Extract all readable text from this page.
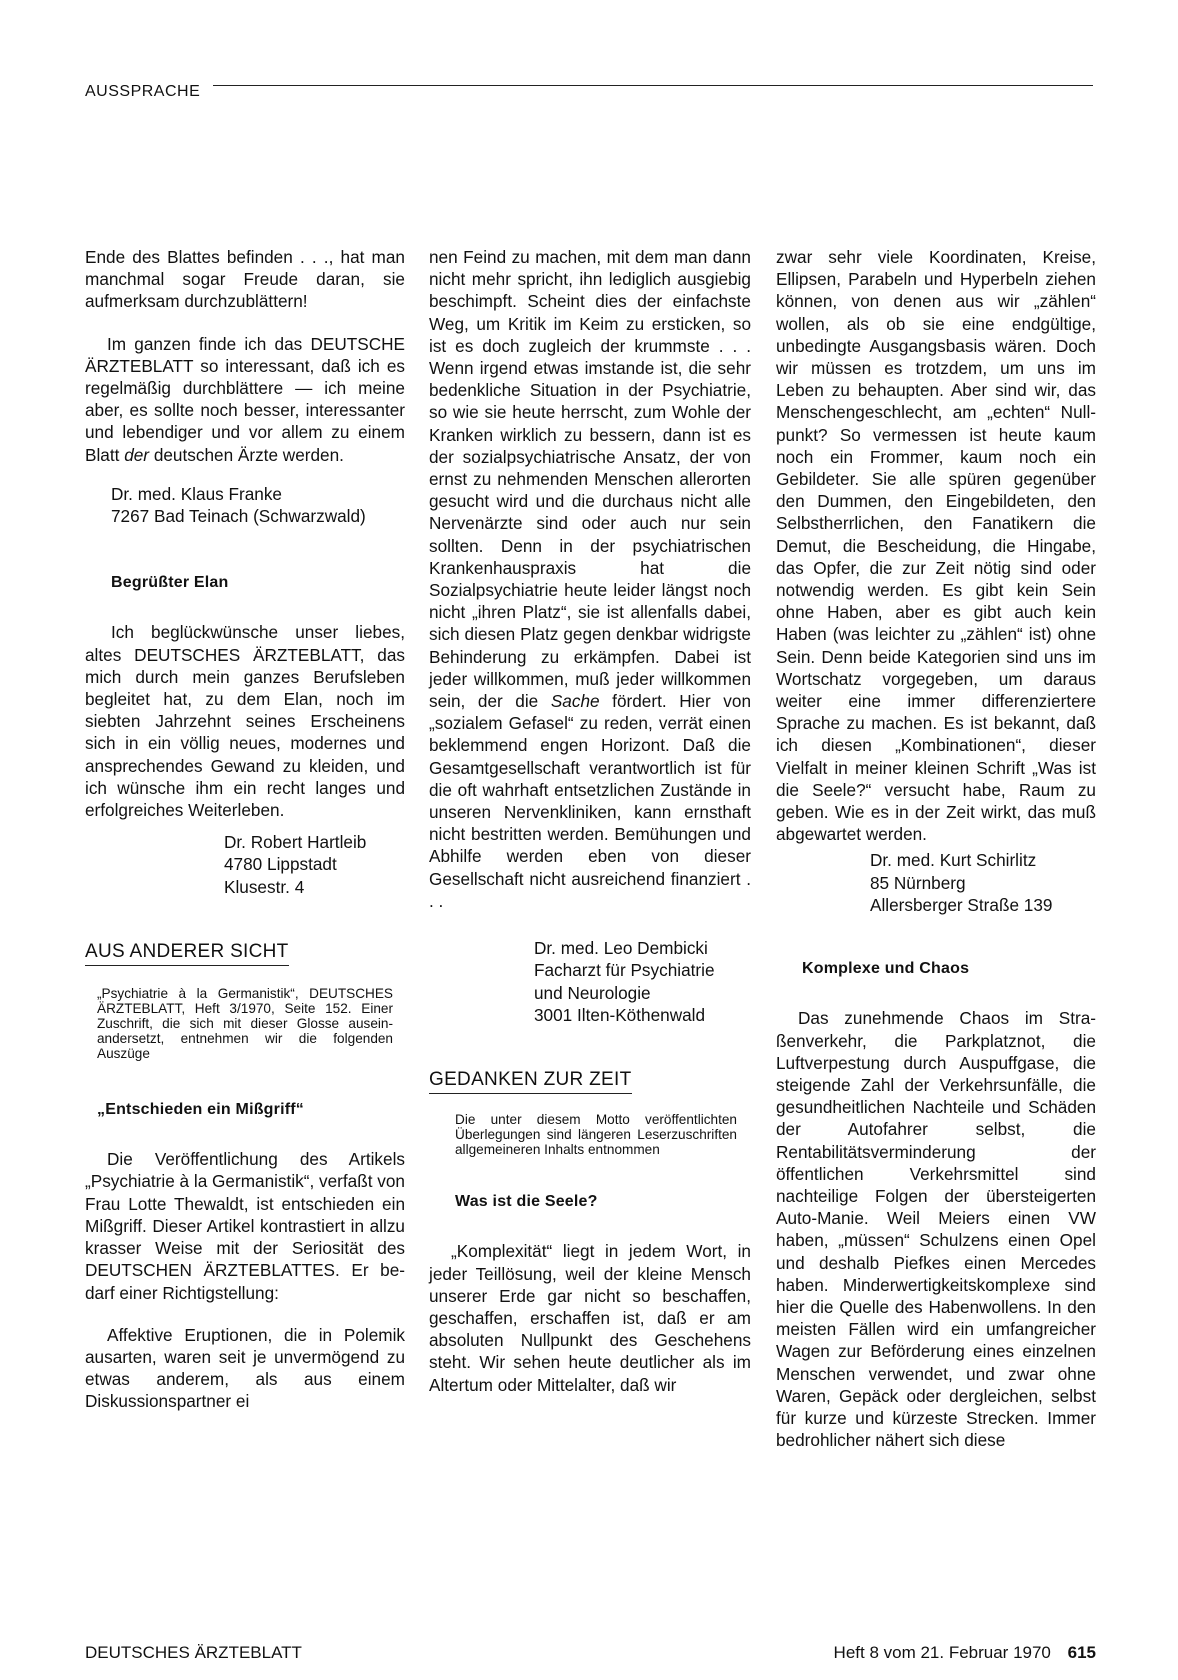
AUSSPRACHE

Ende des Blattes befinden . . ., hat man manchmal sogar Freude daran, sie aufmerksam durchzublättern!

Im ganzen finde ich das DEUTSCHE ÄRZTEBLATT so interessant, daß ich es regelmäßig durchblättere — ich meine aber, es sollte noch besser, interessanter und lebendiger und vor allem zu einem Blatt der deutschen Ärzte werden.

Dr. med. Klaus Franke
7267 Bad Teinach (Schwarzwald)
Begrüßter Elan

Ich beglückwünsche unser liebes, altes DEUTSCHES ÄRZTEBLATT, das mich durch mein ganzes Berufsleben begleitet hat, zu dem Elan, noch im siebten Jahrzehnt seines Erscheinens sich in ein völlig neues, modernes und ansprechendes Gewand zu kleiden, und ich wünsche ihm ein recht langes und erfolgreiches Weiterleben.

Dr. Robert Hartleib
4780 Lippstadt
Klusestr. 4
AUS ANDERER SICHT

„Psychiatrie à la Germanistik“, DEUTSCHES ÄRZTEBLATT, Heft 3/1970, Seite 152. Einer Zuschrift, die sich mit dieser Glosse auseinandersetzt, entnehmen wir die folgenden Auszüge

„Entschieden ein Mißgriff“

Die Veröffentlichung des Artikels „Psychiatrie à la Germanistik“, verfaßt von Frau Lotte Thewaldt, ist entschieden ein Mißgriff. Dieser Artikel kontrastiert in allzu krasser Weise mit der Seriosität des DEUTSCHEN ÄRZTEBLATTES. Er bedarf einer Richtigstellung:

Affektive Eruptionen, die in Polemik ausarten, waren seit je unvermögend zu etwas anderem, als aus einem Diskussionspartner ei

nen Feind zu machen, mit dem man dann nicht mehr spricht, ihn lediglich ausgiebig beschimpft. Scheint dies der einfachste Weg, um Kritik im Keim zu ersticken, so ist es doch zugleich der krummste . . . Wenn irgend etwas imstande ist, die sehr bedenkliche Situation in der Psychiatrie, so wie sie heute herrscht, zum Wohle der Kranken wirklich zu bessern, dann ist es der sozialpsychiatrische Ansatz, der von ernst zu nehmenden Menschen allerorten gesucht wird und die durchaus nicht alle Nervenärzte sind oder auch nur sein sollten. Denn in der psychiatrischen Krankenhauspraxis hat die Sozialpsychiatrie heute leider längst noch nicht „ihren Platz“, sie ist allenfalls dabei, sich diesen Platz gegen denkbar widrigste Behinderung zu erkämpfen. Dabei ist jeder willkommen, muß jeder willkommen sein, der die Sache fördert. Hier von „sozialem Gefasel“ zu reden, verrät einen beklemmend engen Horizont. Daß die Gesamtgesellschaft verantwortlich ist für die oft wahrhaft entsetzlichen Zustände in unseren Nervenkliniken, kann ernsthaft nicht bestritten werden. Bemühungen und Abhilfe werden eben von dieser Gesellschaft nicht ausreichend finanziert . . .

Dr. med. Leo Dembicki
Facharzt für Psychiatrie
und Neurologie
3001 Ilten-Köthenwald
GEDANKEN ZUR ZEIT

Die unter diesem Motto veröffentlichten Überlegungen sind längeren Leserzuschriften allgemeineren Inhalts entnommen

Was ist die Seele?

„Komplexität“ liegt in jedem Wort, in jeder Teillösung, weil der kleine Mensch unserer Erde gar nicht so beschaffen, geschaffen, erschaffen ist, daß er am absoluten Nullpunkt des Geschehens steht. Wir sehen heute deutlicher als im Altertum oder Mittelalter, daß wir

zwar sehr viele Koordinaten, Kreise, Ellipsen, Parabeln und Hyperbeln ziehen können, von denen aus wir „zählen“ wollen, als ob sie eine endgültige, unbedingte Ausgangsbasis wären. Doch wir müssen es trotzdem, um uns im Leben zu behaupten. Aber sind wir, das Menschengeschlecht, am „echten“ Nullpunkt? So vermessen ist heute kaum noch ein Frommer, kaum noch ein Gebildeter. Sie alle spüren gegenüber den Dummen, den Eingebildeten, den Selbstherrlichen, den Fanatikern die Demut, die Bescheidung, die Hingabe, das Opfer, die zur Zeit nötig sind oder notwendig werden. Es gibt kein Sein ohne Haben, aber es gibt auch kein Haben (was leichter zu „zählen“ ist) ohne Sein. Denn beide Kategorien sind uns im Wortschatz vorgegeben, um daraus weiter eine immer differenziertere Sprache zu machen. Es ist bekannt, daß ich diesen „Kombinationen“, dieser Vielfalt in meiner kleinen Schrift „Was ist die Seele?“ versucht habe, Raum zu geben. Wie es in der Zeit wirkt, das muß abgewartet werden.

Dr. med. Kurt Schirlitz
85 Nürnberg
Allersberger Straße 139
Komplexe und Chaos

Das zunehmende Chaos im Straßenverkehr, die Parkplatznot, die Luftverpestung durch Auspuffgase, die steigende Zahl der Verkehrsunfälle, die gesundheitlichen Nachteile und Schäden der Autofahrer selbst, die Rentabilitätsverminderung der öffentlichen Verkehrsmittel sind nachteilige Folgen der übersteigerten Auto-Manie. Weil Meiers einen VW haben, „müssen“ Schulzens einen Opel und deshalb Piefkes einen Mercedes haben. Minderwertigkeitskomplexe sind hier die Quelle des Habenwollens. In den meisten Fällen wird ein umfangreicher Wagen zur Beförderung eines einzelnen Menschen verwendet, und zwar ohne Waren, Gepäck oder dergleichen, selbst für kurze und kürzeste Strecken. Immer bedrohlicher nähert sich diese

DEUTSCHES ÄRZTEBLATT	Heft 8 vom 21. Februar 1970 615
